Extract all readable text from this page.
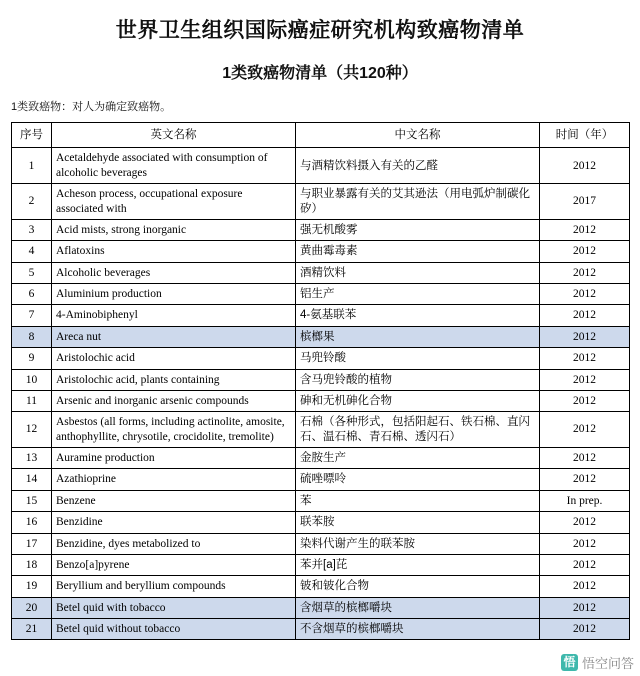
世界卫生组织国际癌症研究机构致癌物清单
1类致癌物清单（共120种）

1类致癌物：对人为确定致癌物。

序号	英文名称	中文名称	时间（年）
1	Acetaldehyde associated with consumption of alcoholic beverages	与酒精饮料摄入有关的乙醛	2012
2	Acheson process, occupational exposure associated with	与职业暴露有关的艾其逊法（用电弧炉制碳化矽）	2017
3	Acid mists, strong inorganic	强无机酸雾	2012
4	Aflatoxins	黄曲霉毒素	2012
5	Alcoholic beverages	酒精饮料	2012
6	Aluminium production	铝生产	2012
7	4-Aminobiphenyl	4-氨基联苯	2012
8	Areca nut	槟榔果	2012
9	Aristolochic acid	马兜铃酸	2012
10	Aristolochic acid, plants containing	含马兜铃酸的植物	2012
11	Arsenic and inorganic arsenic compounds	砷和无机砷化合物	2012
12	Asbestos (all forms, including actinolite, amosite, anthophyllite, chrysotile, crocidolite, tremolite)	石棉（各种形式，包括阳起石、铁石棉、直闪石、温石棉、青石棉、透闪石）	2012
13	Auramine production	金胺生产	2012
14	Azathioprine	硫唑嘌呤	2012
15	Benzene	苯	In prep.
16	Benzidine	联苯胺	2012
17	Benzidine, dyes metabolized to	染料代谢产生的联苯胺	2012
18	Benzo[a]pyrene	苯并[a]芘	2012
19	Beryllium and beryllium compounds	铍和铍化合物	2012
20	Betel quid with tobacco	含烟草的槟榔嚼块	2012
21	Betel quid without tobacco	不含烟草的槟榔嚼块	2012
悟 悟空问答
